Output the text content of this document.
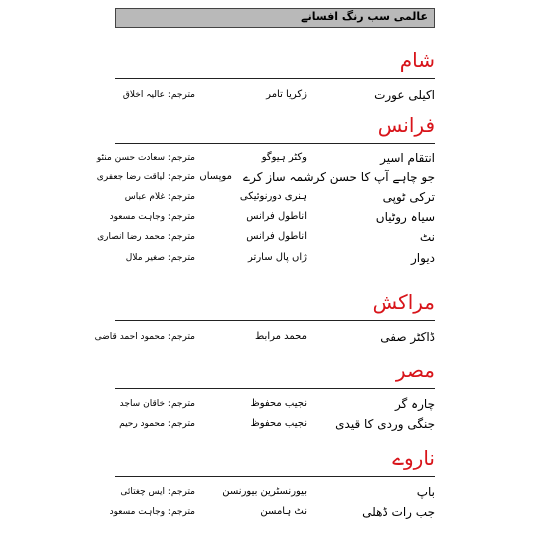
عالمی سب رنگ افسانے
شام
اکیلی عورت
زکریا تامر
مترجم: عالیہ اخلاق
فرانس
انتقام اسیر
وکٹر ہیوگو
مترجم: سعادت حسن منٹو
جو چاہے آپ کا حسن کرشمہ ساز کرے
موپساں
مترجم: لیاقت رضا جعفری
ترکی ٹوپی
ہنری دورنوئیکی
مترجم: غلام عباس
سیاہ روٹیاں
اناطول فرانس
مترجم: وجاہت مسعود
نٹ
اناطول فرانس
مترجم: محمد رضا انصاری
دیوار
ژاں پال سارتر
مترجم: صغیر ملال
مراکش
ڈاکٹر صفی
محمد مرابط
مترجم: محمود احمد قاضی
مصر
چارہ گر
نجیب محفوظ
مترجم: خاقان ساجد
جنگی وردی کا قیدی
نجیب محفوظ
مترجم: محمود رحیم
ناروے
باپ
بیورنسٹرین بیورنسن
مترجم: ایس چغتائی
جب رات ڈھلی
نٹ ہامسن
مترجم: وجاہت مسعود
